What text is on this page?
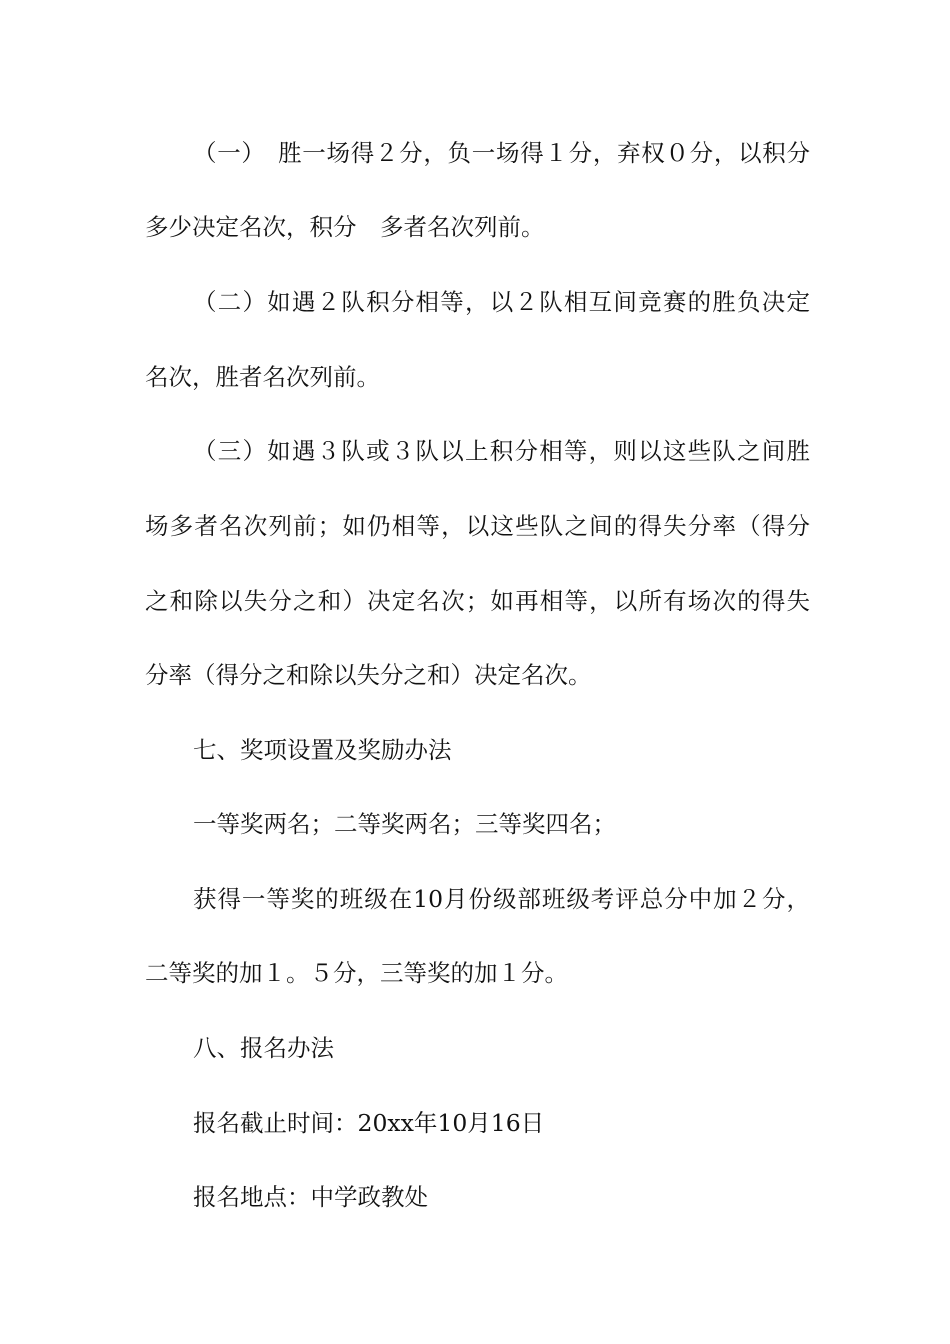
（一）　胜一场得２分，负一场得１分，弃权０分，以积分
多少决定名次，积分　多者名次列前。
（二）如遇２队积分相等，以２队相互间竞赛的胜负决定
名次，胜者名次列前。
（三）如遇３队或３队以上积分相等，则以这些队之间胜
场多者名次列前；如仍相等，以这些队之间的得失分率（得分
之和除以失分之和）决定名次；如再相等，以所有场次的得失
分率（得分之和除以失分之和）决定名次。
七、奖项设置及奖励办法
一等奖两名；二等奖两名；三等奖四名；
获得一等奖的班级在10月份级部班级考评总分中加２分，
二等奖的加１。５分，三等奖的加１分。
八、报名办法
报名截止时间：20xx年10月16日
报名地点：中学政教处
